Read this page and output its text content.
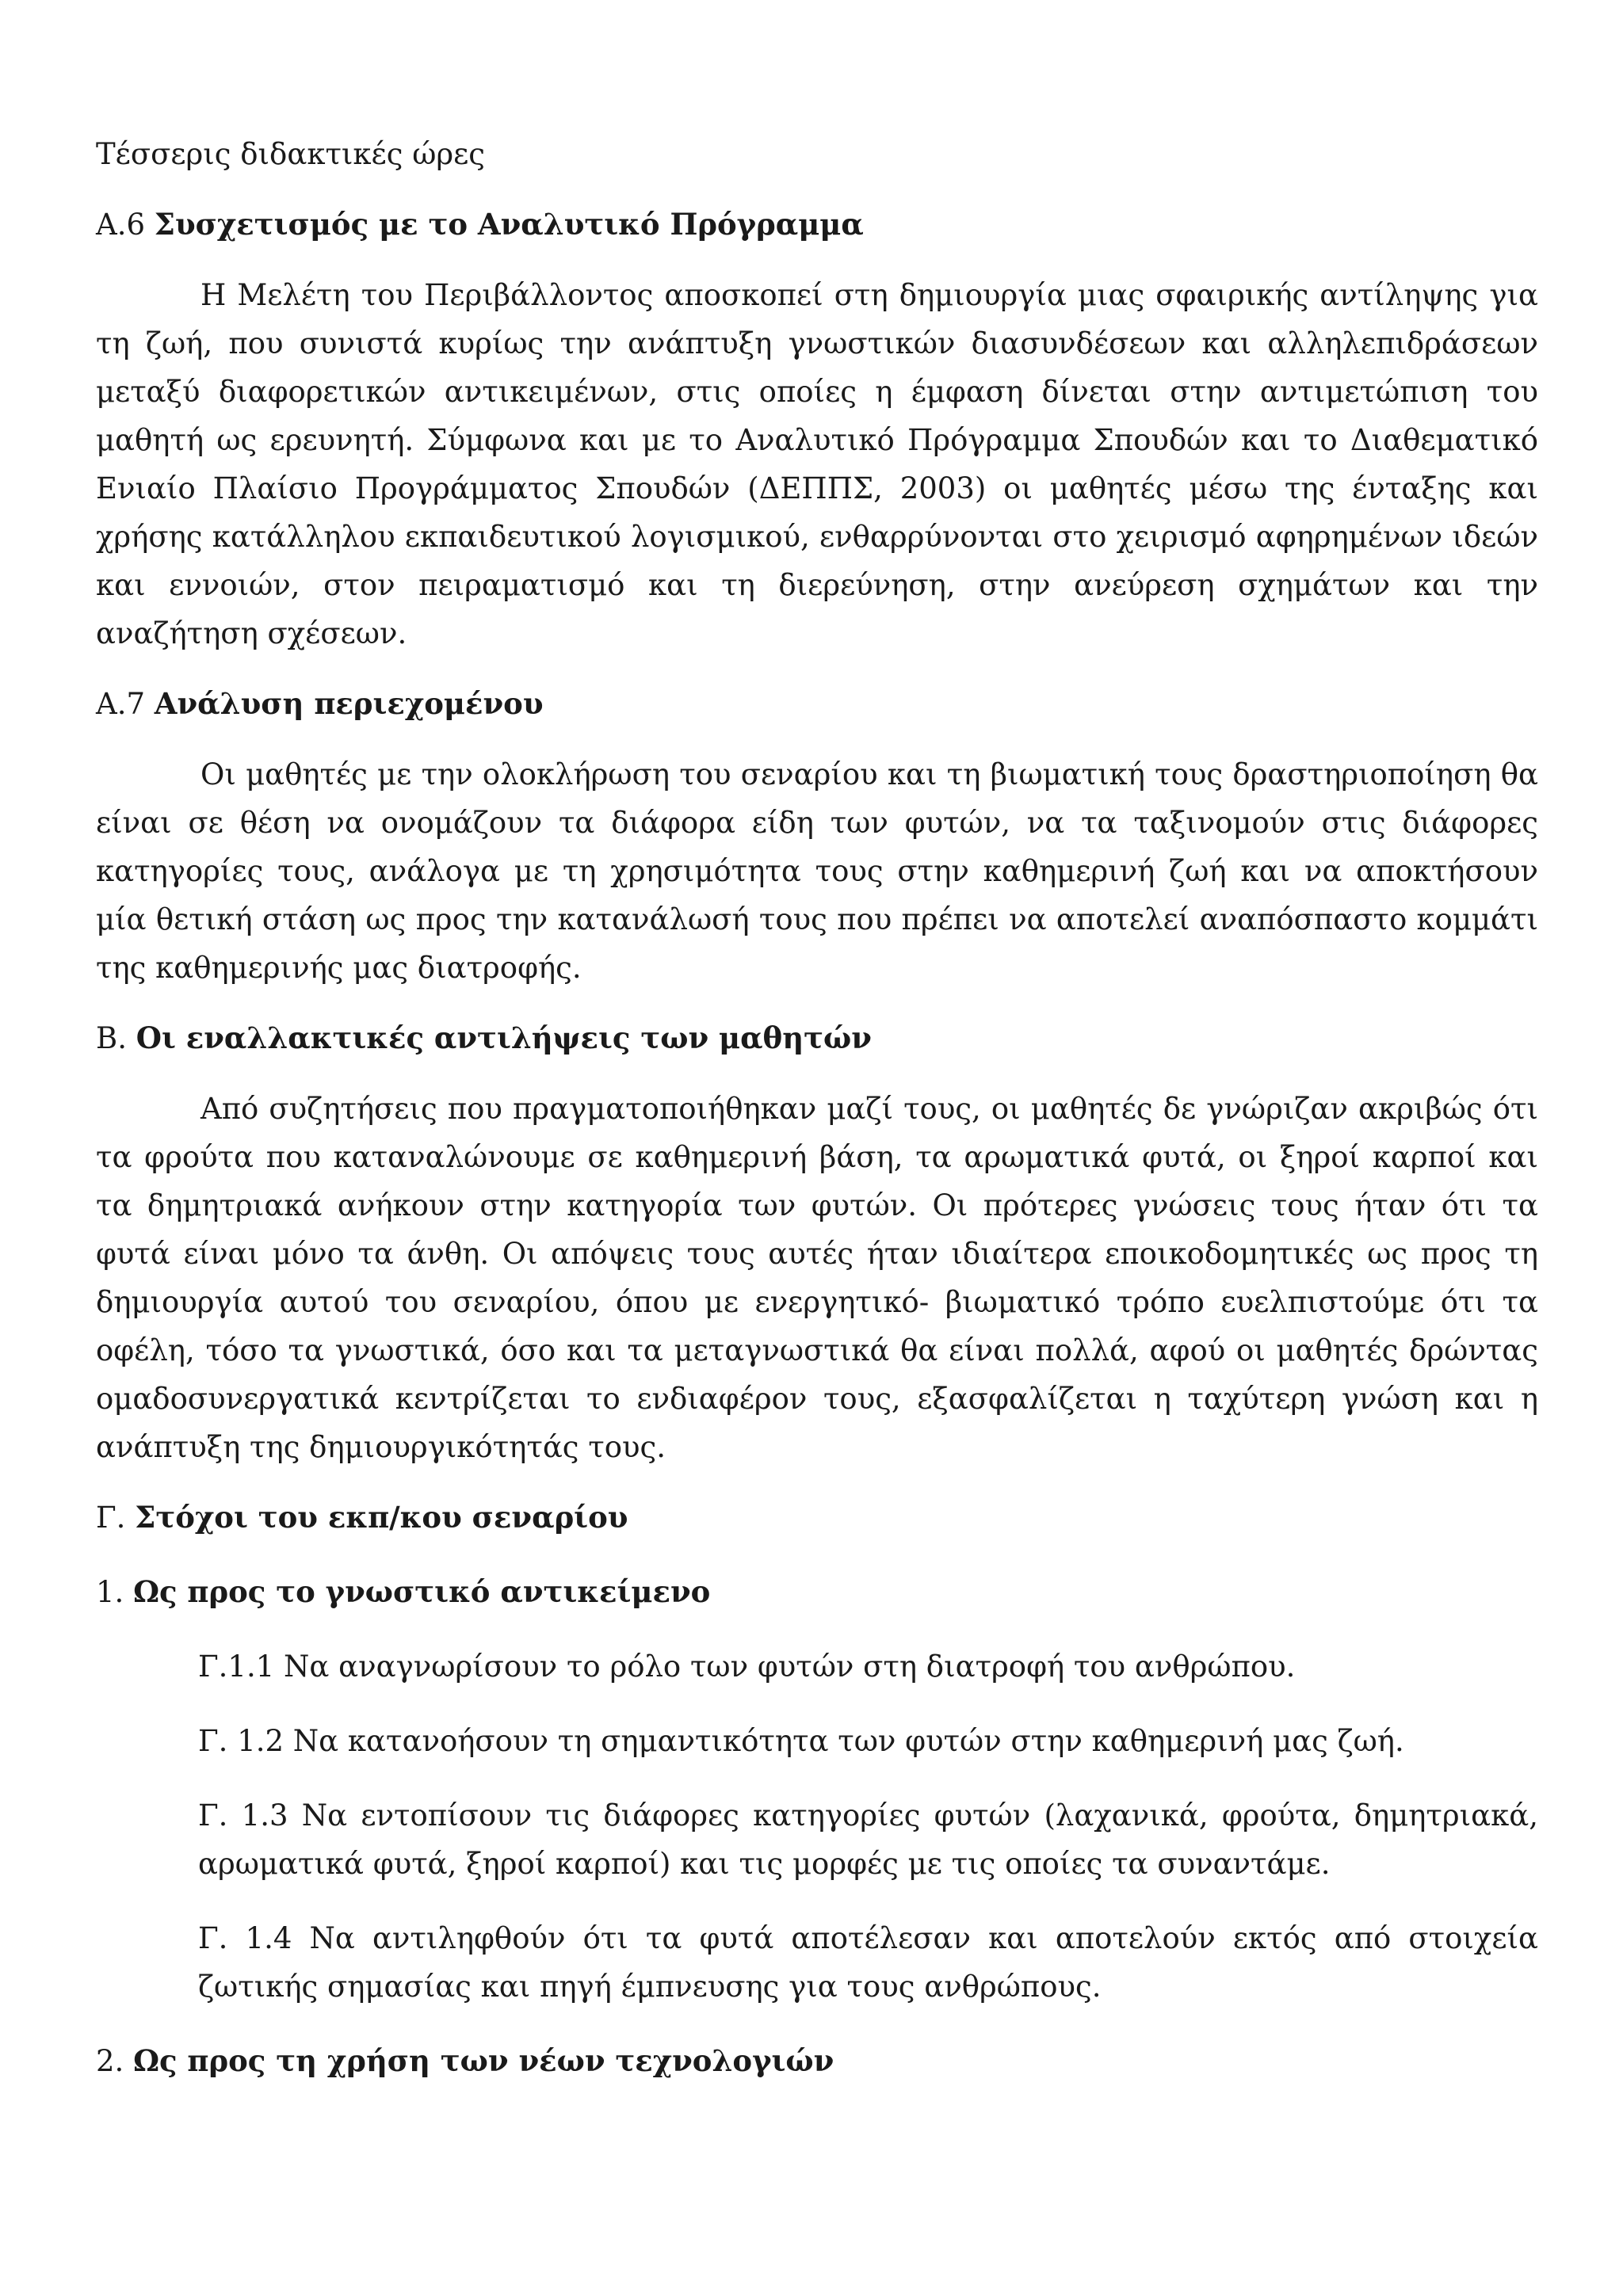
Τέσσερις διδακτικές ώρες

Α.6 Συσχετισμός με το Αναλυτικό Πρόγραμμα

Η Μελέτη του Περιβάλλοντος αποσκοπεί στη δημιουργία μιας σφαιρικής αντίληψης για τη ζωή, που συνιστά κυρίως την ανάπτυξη γνωστικών διασυνδέσεων και αλληλεπιδράσεων μεταξύ διαφορετικών αντικειμένων, στις οποίες η έμφαση δίνεται στην αντιμετώπιση του μαθητή ως ερευνητή. Σύμφωνα και με το Αναλυτικό Πρόγραμμα Σπουδών και το Διαθεματικό Ενιαίο Πλαίσιο Προγράμματος Σπουδών (ΔΕΠΠΣ, 2003) οι μαθητές μέσω της ένταξης και χρήσης κατάλληλου εκπαιδευτικού λογισμικού, ενθαρρύνονται στο χειρισμό αφηρημένων ιδεών και εννοιών, στον πειραματισμό και τη διερεύνηση, στην ανεύρεση σχημάτων και την αναζήτηση σχέσεων.

Α.7 Ανάλυση περιεχομένου

Οι μαθητές με την ολοκλήρωση του σεναρίου και τη βιωματική τους δραστηριοποίηση θα είναι σε θέση να ονομάζουν τα διάφορα είδη των φυτών, να τα ταξινομούν στις διάφορες κατηγορίες τους, ανάλογα με τη χρησιμότητα τους στην καθημερινή ζωή και να αποκτήσουν μία θετική στάση ως προς την κατανάλωσή τους που πρέπει να αποτελεί αναπόσπαστο κομμάτι της καθημερινής μας διατροφής.

Β. Οι εναλλακτικές αντιλήψεις των μαθητών

Από συζητήσεις που πραγματοποιήθηκαν μαζί τους, οι μαθητές δε γνώριζαν ακριβώς ότι τα φρούτα που καταναλώνουμε σε καθημερινή βάση, τα αρωματικά φυτά, οι ξηροί καρποί και τα δημητριακά ανήκουν στην κατηγορία των φυτών. Οι πρότερες γνώσεις τους ήταν ότι τα φυτά είναι μόνο τα άνθη. Οι απόψεις τους αυτές ήταν ιδιαίτερα εποικοδομητικές ως προς τη δημιουργία αυτού του σεναρίου, όπου με ενεργητικό- βιωματικό τρόπο ευελπιστούμε ότι τα οφέλη, τόσο τα γνωστικά, όσο και τα μεταγνωστικά θα είναι πολλά, αφού οι μαθητές δρώντας ομαδοσυνεργατικά κεντρίζεται το ενδιαφέρον τους, εξασφαλίζεται η ταχύτερη γνώση και η ανάπτυξη της δημιουργικότητάς τους.

Γ. Στόχοι του εκπ/κου σεναρίου

1. Ως προς το γνωστικό αντικείμενο

Γ.1.1 Να αναγνωρίσουν το ρόλο των φυτών στη διατροφή του ανθρώπου.

Γ. 1.2 Να κατανοήσουν τη σημαντικότητα των φυτών στην καθημερινή μας ζωή.

Γ. 1.3 Να εντοπίσουν τις διάφορες κατηγορίες φυτών (λαχανικά, φρούτα, δημητριακά, αρωματικά φυτά, ξηροί καρποί) και τις μορφές με τις οποίες τα συναντάμε.

Γ. 1.4 Να αντιληφθούν ότι τα φυτά αποτέλεσαν και αποτελούν εκτός από στοιχεία ζωτικής σημασίας και πηγή έμπνευσης για τους ανθρώπους.

2. Ως προς τη χρήση των νέων τεχνολογιών
